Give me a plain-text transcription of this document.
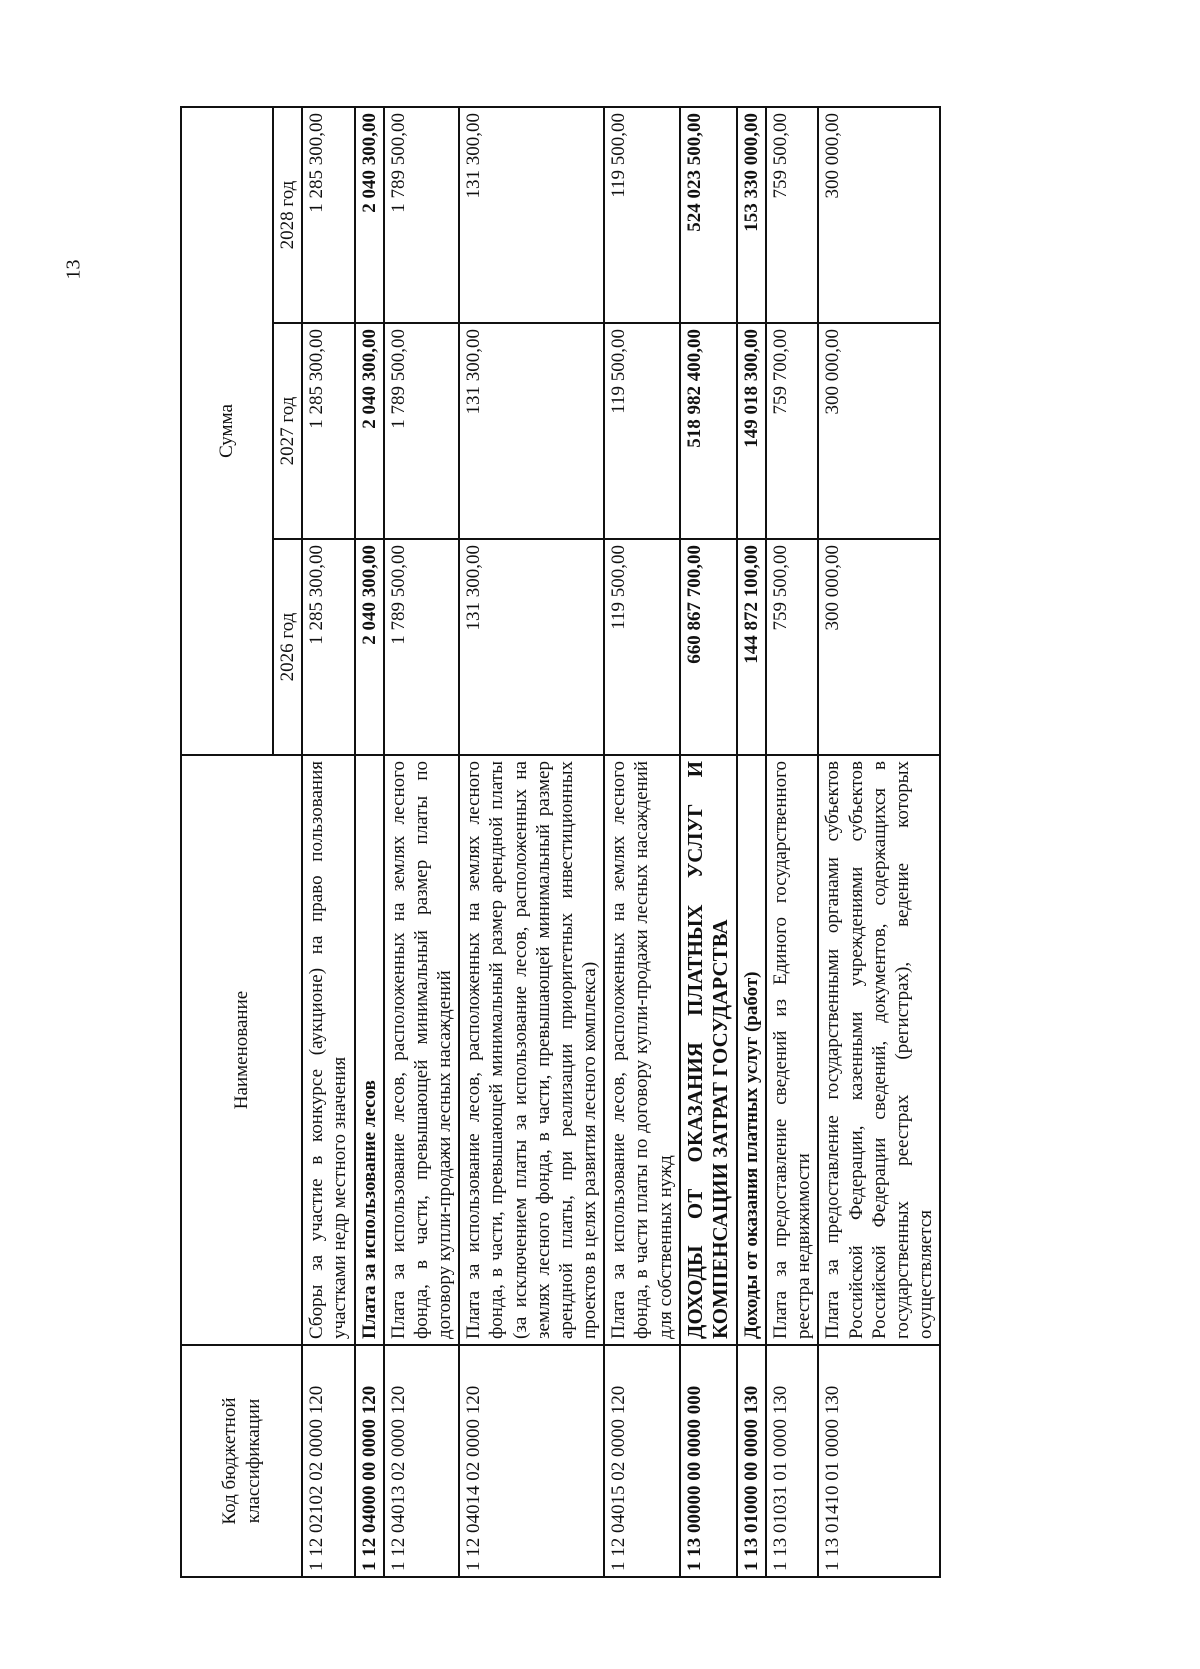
13
Код бюджетной классификации	Наименование	Сумма		
		2026 год	2027 год	2028 год
1 12 02102 02 0000 120	Сборы за участие в конкурсе (аукционе) на право пользования участками недр местного значения	1 285 300,00	1 285 300,00	1 285 300,00
1 12 04000 00 0000 120	Плата за использование лесов	2 040 300,00	2 040 300,00	2 040 300,00
1 12 04013 02 0000 120	Плата за использование лесов, расположенных на землях лесного фонда, в части, превышающей минимальный размер платы по договору купли-продажи лесных насаждений	1 789 500,00	1 789 500,00	1 789 500,00
1 12 04014 02 0000 120	Плата за использование лесов, расположенных на землях лесного фонда, в части, превышающей минимальный размер арендной платы (за исключением платы за использование лесов, расположенных на землях лесного фонда, в части, превышающей минимальный размер арендной платы, при реализации приоритетных инвестиционных проектов в целях развития лесного комплекса)	131 300,00	131 300,00	131 300,00
1 12 04015 02 0000 120	Плата за использование лесов, расположенных на землях лесного фонда, в части платы по договору купли-продажи лесных насаждений для собственных нужд	119 500,00	119 500,00	119 500,00
1 13 00000 00 0000 000	ДОХОДЫ ОТ ОКАЗАНИЯ ПЛАТНЫХ УСЛУГ И КОМПЕНСАЦИИ ЗАТРАТ ГОСУДАРСТВА	660 867 700,00	518 982 400,00	524 023 500,00
1 13 01000 00 0000 130	Доходы от оказания платных услуг (работ)	144 872 100,00	149 018 300,00	153 330 000,00
1 13 01031 01 0000 130	Плата за предоставление сведений из Единого государственного реестра недвижимости	759 500,00	759 700,00	759 500,00
1 13 01410 01 0000 130	Плата за предоставление государственными органами субъектов Российской Федерации, казенными учреждениями субъектов Российской Федерации сведений, документов, содержащихся в государственных реестрах (регистрах), ведение которых осуществляется	300 000,00	300 000,00	300 000,00
